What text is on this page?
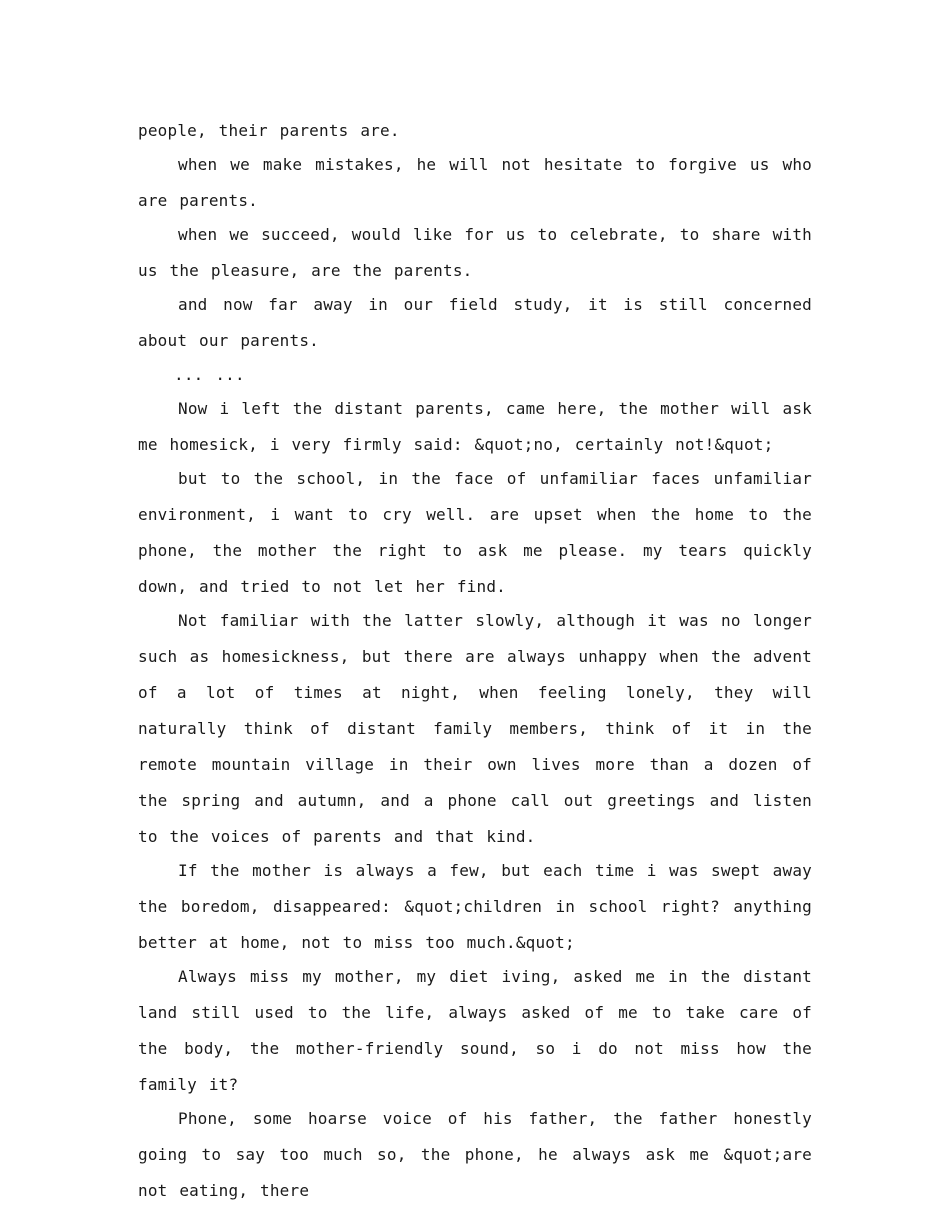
people, their parents are.

when we make mistakes, he will not hesitate to forgive us who are parents.

when we succeed, would like for us to celebrate, to share with us the pleasure, are the parents.

and now far away in our field study, it is still concerned about our parents.

... ...

Now i left the distant parents, came here, the mother will ask me homesick, i very firmly said: &quot;no, certainly not!&quot;

but to the school, in the face of unfamiliar faces unfamiliar environment, i want to cry well. are upset when the home to the phone, the mother the right to ask me please. my tears quickly down, and tried to not let her find.

Not familiar with the latter slowly, although it was no longer such as homesickness, but there are always unhappy when the advent of a lot of times at night, when feeling lonely, they will naturally think of distant family members, think of it in the remote mountain village in their own lives more than a dozen of the spring and autumn, and a phone call out greetings and listen to the voices of parents and that kind.

If the mother is always a few, but each time i was swept away the boredom, disappeared: &quot;children in school right? anything better at home, not to miss too much.&quot;

Always miss my mother, my diet iving, asked me in the distant land still used to the life, always asked of me to take care of the body, the mother-friendly sound, so i do not miss how the family it?

Phone, some hoarse voice of his father, the father honestly going to say too much so, the phone, he always ask me &quot;are not eating, there
